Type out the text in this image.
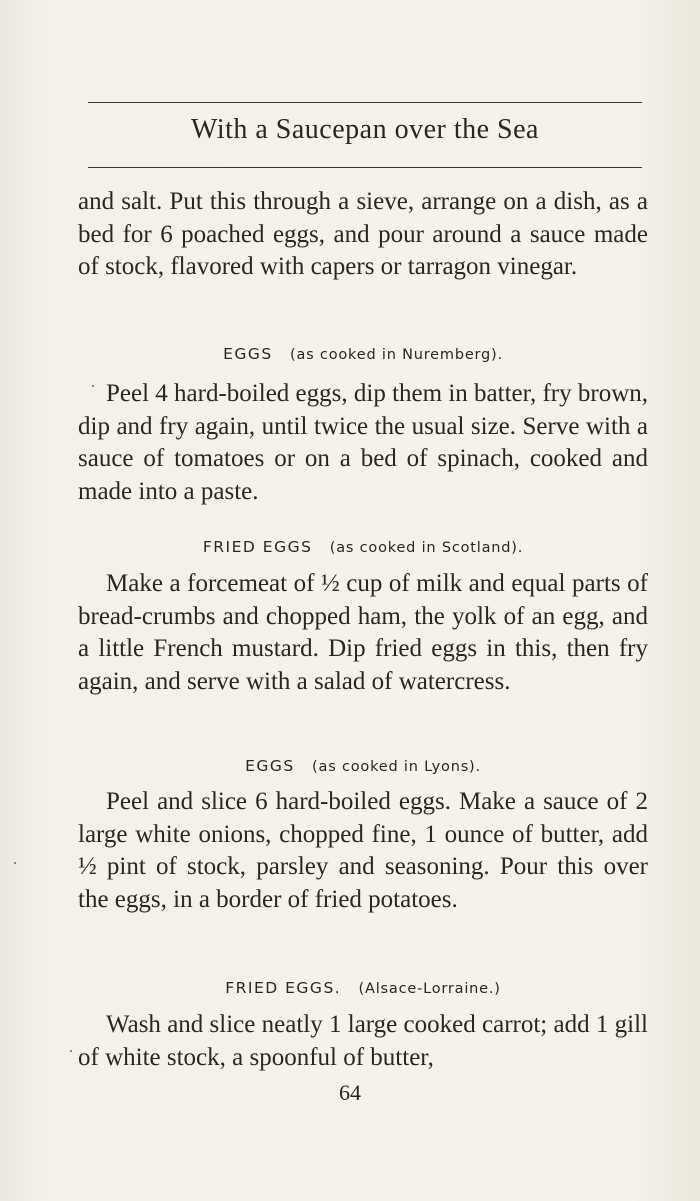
With a Saucepan over the Sea

and salt. Put this through a sieve, arrange on a dish, as a bed for 6 poached eggs, and pour around a sauce made of stock, flavored with capers or tarragon vinegar.

EGGS (as cooked in Nuremberg).

Peel 4 hard-boiled eggs, dip them in batter, fry brown, dip and fry again, until twice the usual size. Serve with a sauce of tomatoes or on a bed of spinach, cooked and made into a paste.

FRIED EGGS (as cooked in Scotland).

Make a forcemeat of ½ cup of milk and equal parts of bread-crumbs and chopped ham, the yolk of an egg, and a little French mustard. Dip fried eggs in this, then fry again, and serve with a salad of watercress.

EGGS (as cooked in Lyons).

Peel and slice 6 hard-boiled eggs. Make a sauce of 2 large white onions, chopped fine, 1 ounce of butter, add ½ pint of stock, parsley and seasoning. Pour this over the eggs, in a border of fried potatoes.

FRIED EGGS. (Alsace-Lorraine.)

Wash and slice neatly 1 large cooked carrot; add 1 gill of white stock, a spoonful of butter,

64
